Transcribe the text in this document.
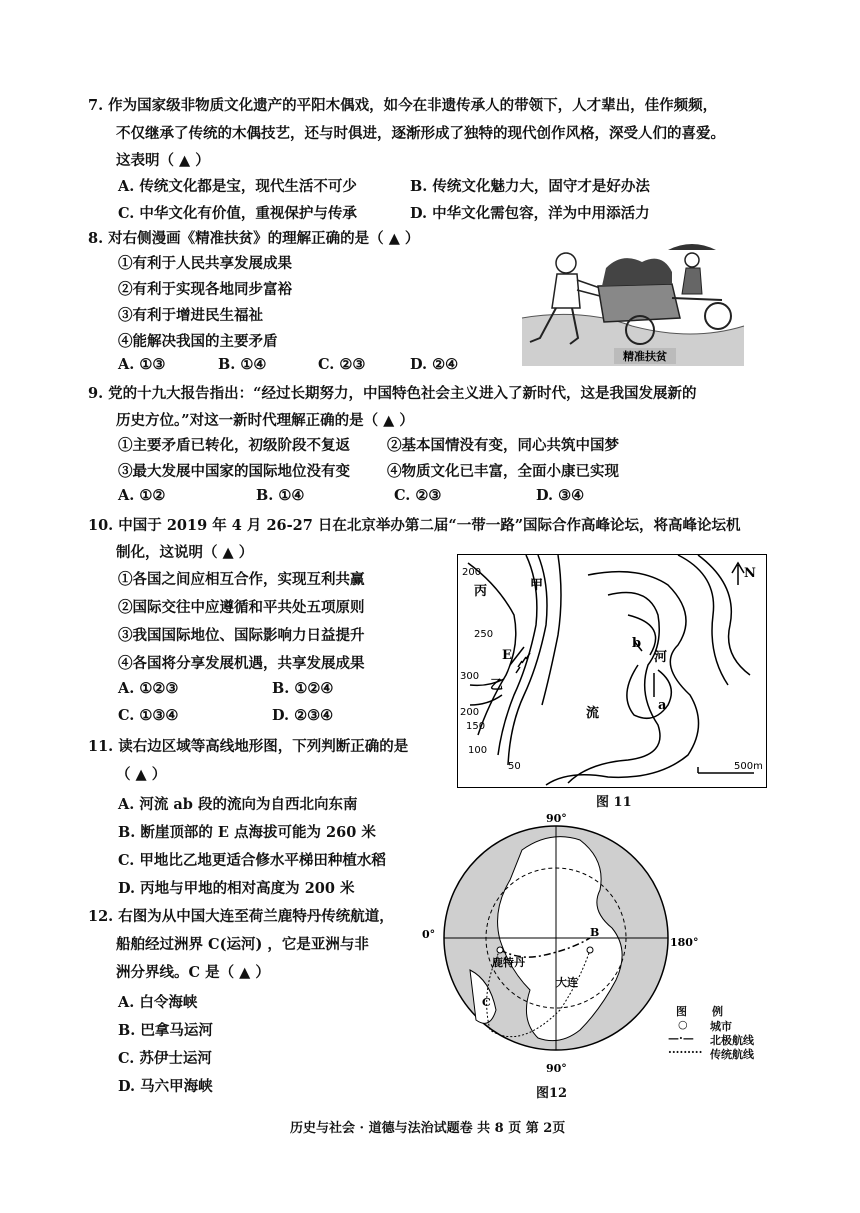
7. 作为国家级非物质文化遗产的平阳木偶戏，如今在非遗传承人的带领下，人才辈出，佳作频频，
不仅继承了传统的木偶技艺，还与时俱进，逐渐形成了独特的现代创作风格，深受人们的喜爱。
这表明（ ▲ ）
A. 传统文化都是宝，现代生活不可少	B. 传统文化魅力大，固守才是好办法
C. 中华文化有价值，重视保护与传承	D. 中华文化需包容，洋为中用添活力
8. 对右侧漫画《精准扶贫》的理解正确的是（ ▲ ）
①有利于人民共享发展成果
②有利于实现各地同步富裕
③有利于增进民生福祉
④能解决我国的主要矛盾
A. ①③	B. ①④	C. ②③	D. ②④	精准扶贫
9. 党的十九大报告指出：“经过长期努力，中国特色社会主义进入了新时代，这是我国发展新的
历史方位。”对这一新时代理解正确的是（ ▲ ）
①主要矛盾已转化，初级阶段不复返	②基本国情没有变，同心共筑中国梦
③最大发展中国家的国际地位没有变	④物质文化已丰富，全面小康已实现
A. ①②	B. ①④	C. ②③	D. ③④
10. 中国于 2019 年 4 月 26-27 日在北京举办第二届“一带一路”国际合作高峰论坛，将高峰论坛机
制化，这说明（ ▲ ）
①各国之间应相互合作，实现互利共赢
②国际交往中应遵循和平共处五项原则
③我国国际地位、国际影响力日益提升
④各国将分享发展机遇，共享发展成果
A. ①②③	B. ①②④
C. ①③④	D. ②③④
11. 读右边区域等高线地形图，下列判断正确的是
（ ▲ ）
A. 河流 ab 段的流向为自西北向东南
B. 断崖顶部的 E 点海拔可能为 260 米
C. 甲地比乙地更适合修水平梯田种植水稻
D. 丙地与甲地的相对高度为 200 米
12. 右图为从中国大连至荷兰鹿特丹传统航道，
船舶经过洲界 C(运河) ，它是亚洲与非
洲分界线。C 是（ ▲ ）
A. 白令海峡
B. 巴拿马运河
C. 苏伊士运河
D. 马六甲海峡
丙	甲
乙
E	河
流
a
b
N
200
250
300
200
150
100
50	500m
图 11
90°
90°
0°
180°
鹿特丹
大连
B
C
图12
图 例
○ 城市
—·— 北极航线
········· 传统航线
历史与社会 · 道德与法治试题卷 共 8 页 第 2页
